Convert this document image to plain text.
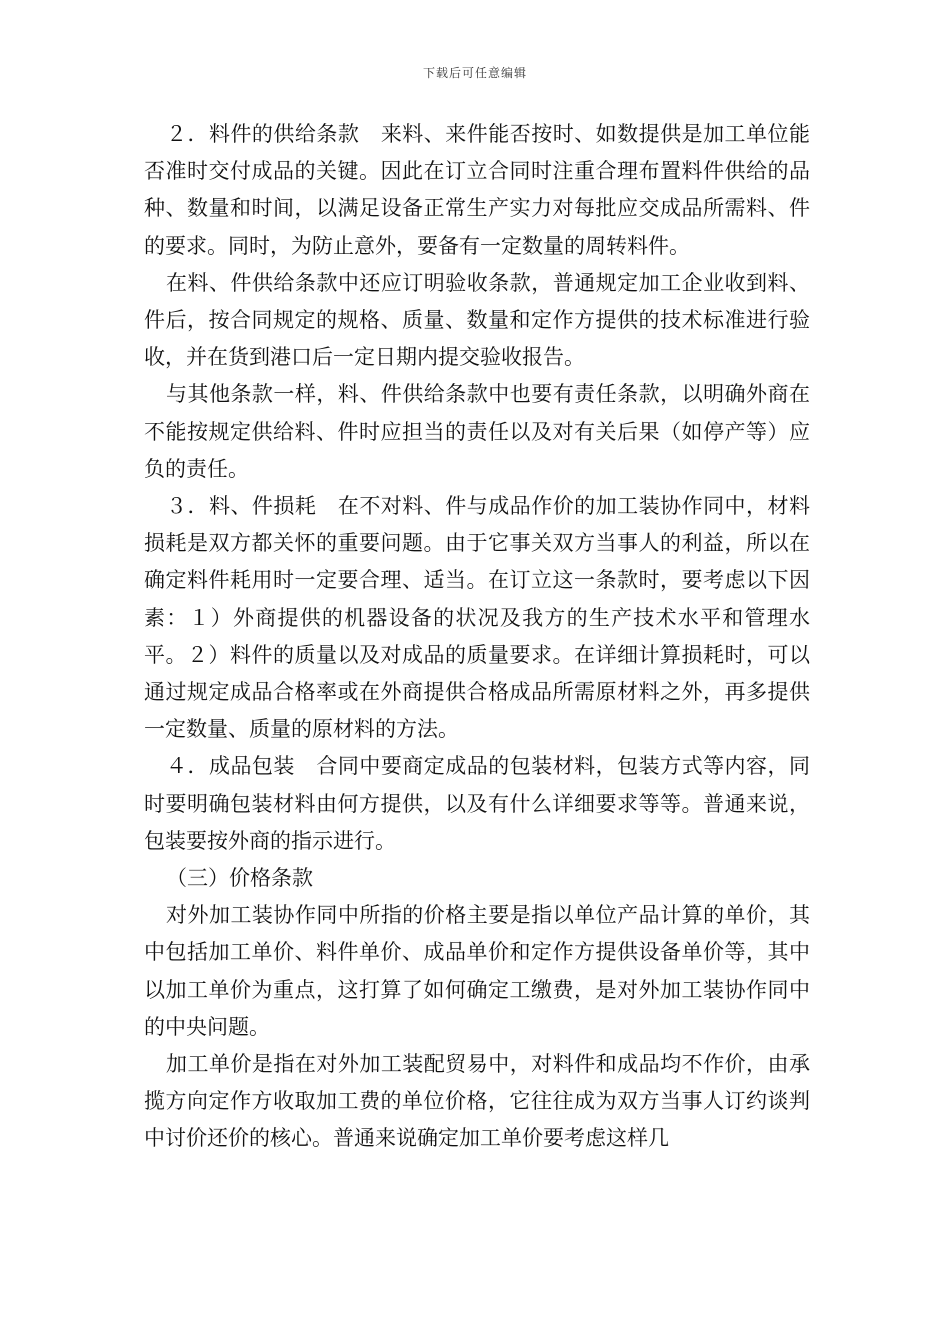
下载后可任意编辑

２．料件的供给条款　来料、来件能否按时、如数提供是加工单位能否准时交付成品的关键。因此在订立合同时注重合理布置料件供给的品种、数量和时间，以满足设备正常生产实力对每批应交成品所需料、件的要求。同时，为防止意外，要备有一定数量的周转料件。

在料、件供给条款中还应订明验收条款，普通规定加工企业收到料、件后，按合同规定的规格、质量、数量和定作方提供的技术标准进行验收，并在货到港口后一定日期内提交验收报告。

与其他条款一样，料、件供给条款中也要有责任条款，以明确外商在不能按规定供给料、件时应担当的责任以及对有关后果（如停产等）应负的责任。

３．料、件损耗　在不对料、件与成品作价的加工装协作同中，材料损耗是双方都关怀的重要问题。由于它事关双方当事人的利益，所以在确定料件耗用时一定要合理、适当。在订立这一条款时，要考虑以下因素：１）外商提供的机器设备的状况及我方的生产技术水平和管理水平。２）料件的质量以及对成品的质量要求。在详细计算损耗时，可以通过规定成品合格率或在外商提供合格成品所需原材料之外，再多提供一定数量、质量的原材料的方法。

４．成品包装　合同中要商定成品的包装材料，包装方式等内容，同时要明确包装材料由何方提供，以及有什么详细要求等等。普通来说，包装要按外商的指示进行。

（三）价格条款

对外加工装协作同中所指的价格主要是指以单位产品计算的单价，其中包括加工单价、料件单价、成品单价和定作方提供设备单价等，其中以加工单价为重点，这打算了如何确定工缴费，是对外加工装协作同中的中央问题。

加工单价是指在对外加工装配贸易中，对料件和成品均不作价，由承揽方向定作方收取加工费的单位价格，它往往成为双方当事人订约谈判中讨价还价的核心。普通来说确定加工单价要考虑这样几
